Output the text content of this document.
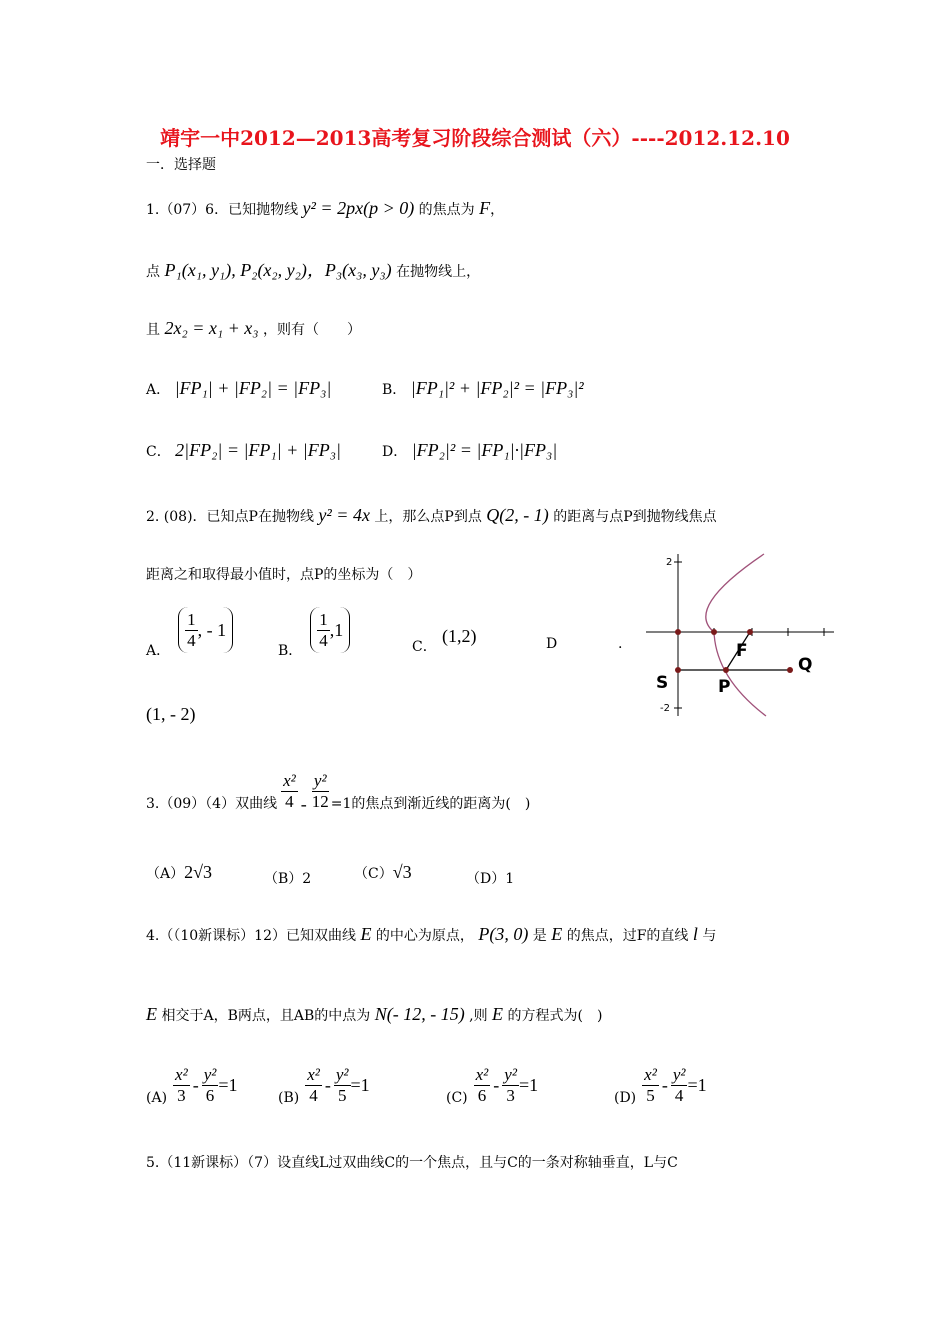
靖宇一中2012—2013高考复习阶段综合测试（六）----2012.12.10
一．选择题
1.（07）6．已知抛物线 y² = 2px(p > 0) 的焦点为 F，
点 P₁(x₁, y₁), P₂(x₂, y₂)，P₃(x₃, y₃) 在抛物线上，
且 2x₂ = x₁ + x₃ ，则有（　　）
A． |FP₁| + |FP₂| = |FP₃|	B． |FP₁|² + |FP₂|² = |FP₃|²
C． 2|FP₂| = |FP₁| + |FP₃|	D． |FP₂|² = |FP₁|·|FP₃|
2. (08)．已知点P在抛物线 y² = 4x 上，那么点P到点 Q(2, - 1) 的距离与点P到抛物线焦点
距离之和取得最小值时，点P的坐标为（　）
A．
$\frac{1}{4}$ , - 1
B．
$\frac{1}{4} ,1$
C．
(1,2)	D	.
(1, - 2)
2
-2
F
Q
S	P
3.（09）（4）双曲线 $\frac{\text{x²}}{4} - \frac{\text{y²}}{12} =1$的焦点到渐近线的距离为(　)
（A）2√3	（B）2	（C）√3	（D）1
4.（（10新课标）12）已知双曲线 E 的中心为原点， P(3, 0) 是 E 的焦点，过F的直线 l 与
E 相交于A，B两点，且AB的中点为 N(- 12, - 15) ,则 E 的方程式为(　)
$(A) \frac{\text{x²}}{3} - \frac{\text{y²}}{6} =1$
$(B) \frac{\text{x²}}{4} - \frac{\text{y²}}{5} =1$
$(C) \frac{\text{x²}}{6} - \frac{\text{y²}}{3} =1$
$(D) \frac{\text{x²}}{5} - \frac{\text{y²}}{4} =1$
5.（11新课标）（7）设直线L过双曲线C的一个焦点，且与C的一条对称轴垂直，L与C
